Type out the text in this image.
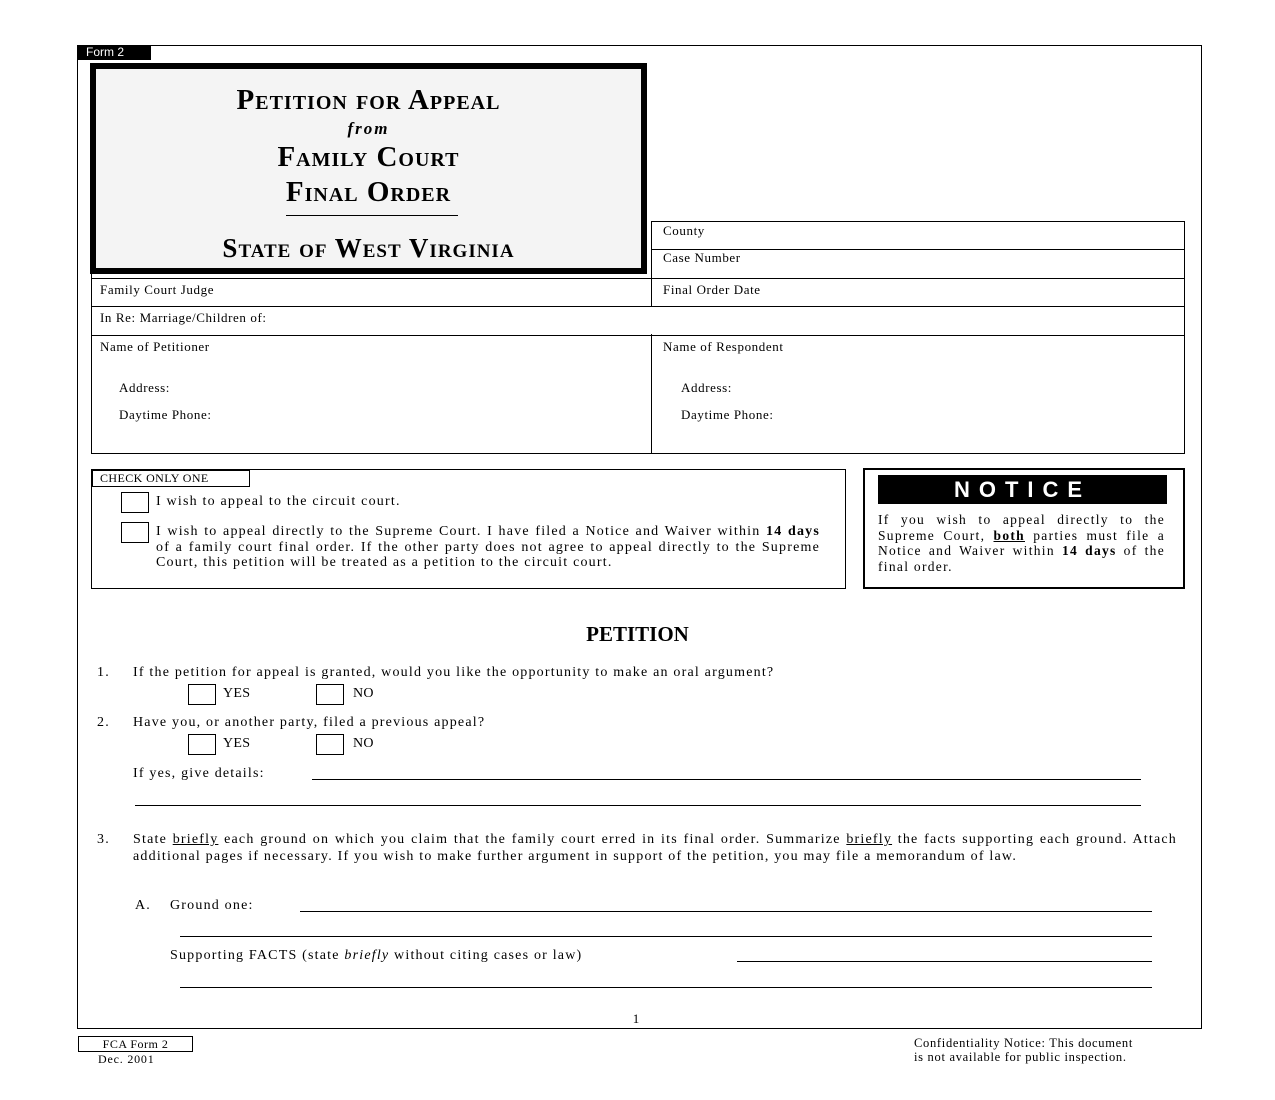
Form 2
Petition for Appeal
from
Family Court
Final Order
State of West Virginia
County
Case Number
Family Court Judge	Final Order Date
In Re: Marriage/Children of:
Name of Petitioner
Address:
Daytime Phone:
Name of Respondent
Address:
Daytime Phone:
CHECK ONLY ONE
I wish to appeal to the circuit court.
I wish to appeal directly to the Supreme Court. I have filed a Notice and Waiver within 14 days of a family court final order. If the other party does not agree to appeal directly to the Supreme Court, this petition will be treated as a petition to the circuit court.
NOTICE
If you wish to appeal directly to the Supreme Court, both parties must file a Notice and Waiver within 14 days of the final order.
PETITION
1. If the petition for appeal is granted, would you like the opportunity to make an oral argument?
YES	NO
2. Have you, or another party, filed a previous appeal?
YES	NO
If yes, give details:
3. State briefly each ground on which you claim that the family court erred in its final order. Summarize briefly the facts supporting each ground. Attach additional pages if necessary. If you wish to make further argument in support of the petition, you may file a memorandum of law.
A. Ground one:
Supporting FACTS (state briefly without citing cases or law)
1
FCA Form 2
Dec. 2001
Confidentiality Notice: This document
is not available for public inspection.
